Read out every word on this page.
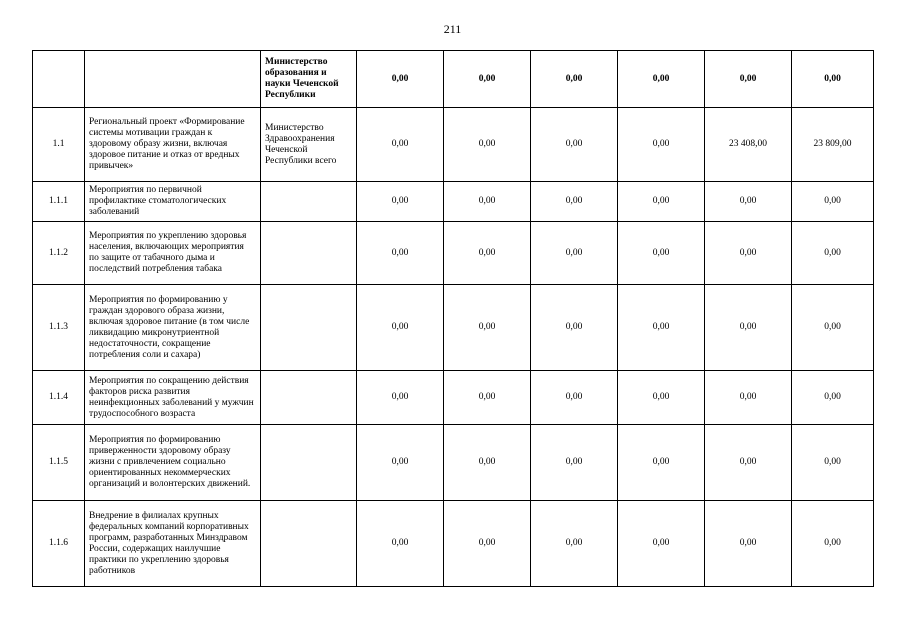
211
		Министерство образования и науки Чеченской Республики	0,00	0,00	0,00	0,00	0,00	0,00
1.1	Региональный проект «Формирование системы мотивации граждан к здоровому образу жизни, включая здоровое питание и отказ от вредных привычек»	Министерство Здравоохранения Чеченской Республики всего	0,00	0,00	0,00	0,00	23 408,00	23 809,00
1.1.1	Мероприятия по первичной профилактике стоматологических заболеваний		0,00	0,00	0,00	0,00	0,00	0,00
1.1.2	Мероприятия по укреплению здоровья населения, включающих мероприятия по защите от табачного дыма и последствий потребления табака		0,00	0,00	0,00	0,00	0,00	0,00
1.1.3	Мероприятия по формированию у граждан здорового образа жизни, включая здоровое питание (в том числе ликвидацию микронутриентной недостаточности, сокращение потребления соли и сахара)		0,00	0,00	0,00	0,00	0,00	0,00
1.1.4	Мероприятия по сокращению действия факторов риска развития неинфекционных заболеваний у мужчин трудоспособного возраста		0,00	0,00	0,00	0,00	0,00	0,00
1.1.5	Мероприятия по формированию приверженности здоровому образу жизни с привлечением социально ориентированных некоммерческих организаций и волонтерских движений.		0,00	0,00	0,00	0,00	0,00	0,00
1.1.6	Внедрение в филиалах крупных федеральных компаний корпоративных программ, разработанных Минздравом России, содержащих наилучшие практики по укреплению здоровья работников		0,00	0,00	0,00	0,00	0,00	0,00
